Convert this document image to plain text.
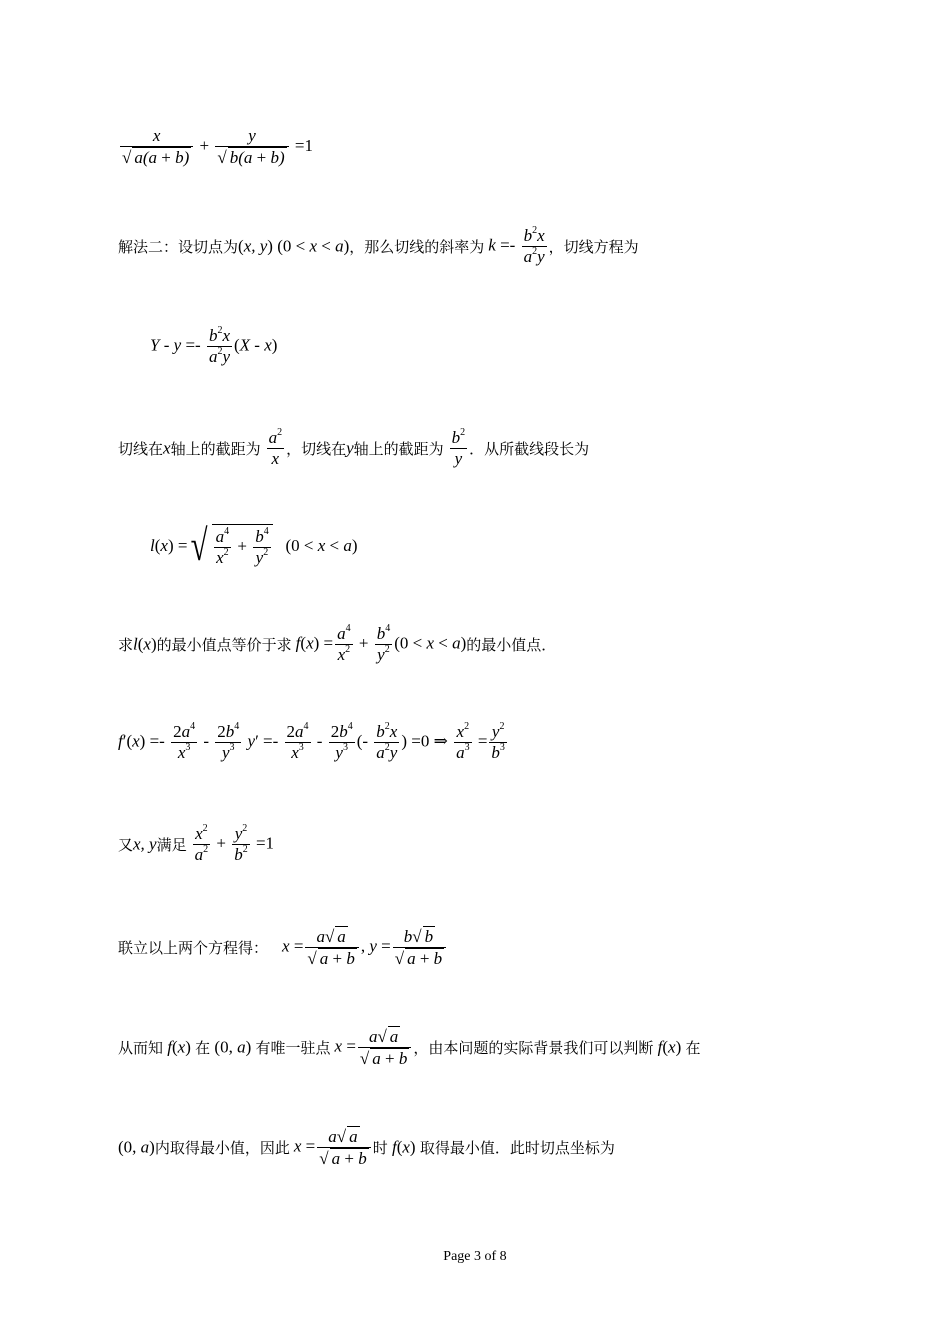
$\frac{x}{√ a(a + b)} + \frac{y}{√ b(a + b)} =1$
解法二：设切点为(x, y) (0 < x < a)，那么切线的斜率为 $k =- \frac{b^2x}{a^2y}$ ，切线方程为
$Y - y =- \frac{b^2x}{a^2y} (X - x)$
切线在x轴上的截距为 $\frac{a^2}{x}$ ，切线在y轴上的截距为 $\frac{b^2}{y}$ ．从所截线段长为
l(x) =√ $\frac{a^4}{x^2} + \frac{b^4}{y^2} (0 < x < a)$
求l(x)的最小值点等价于求 $f(x) = \frac{a^4}{x^2} + \frac{b^4}{y^2} (0 < x < a)$的最小值点．
$f'(x) =- \frac{2a^4}{x^3} - \frac{2b^4}{y^3} y' =- \frac{2a^4}{x^3} - \frac{2b^4}{y^3}$ (- $\frac{b^2x}{a^2y}$ ) =0 ⇒ $\frac{x^2}{a^3} = \frac{y^2}{b^3}$
又x, y满足 $\frac{x^2}{a^2} + \frac{y^2}{b^2} =1$
联立以上两个方程得： $x = \frac{a√ a}{√ a + b}$ , $y = \frac{b√ b}{√ a + b}$
从而知 f(x) 在 (0, a) 有唯一驻点 $x = \frac{a√ a}{√ a + b}$ ，由本问题的实际背景我们可以判断 f(x) 在
(0, a)内取得最小值，因此 $x = \frac{a√ a}{√ a + b}$ 时 f(x) 取得最小值．此时切点坐标为
Page 3 of 8
